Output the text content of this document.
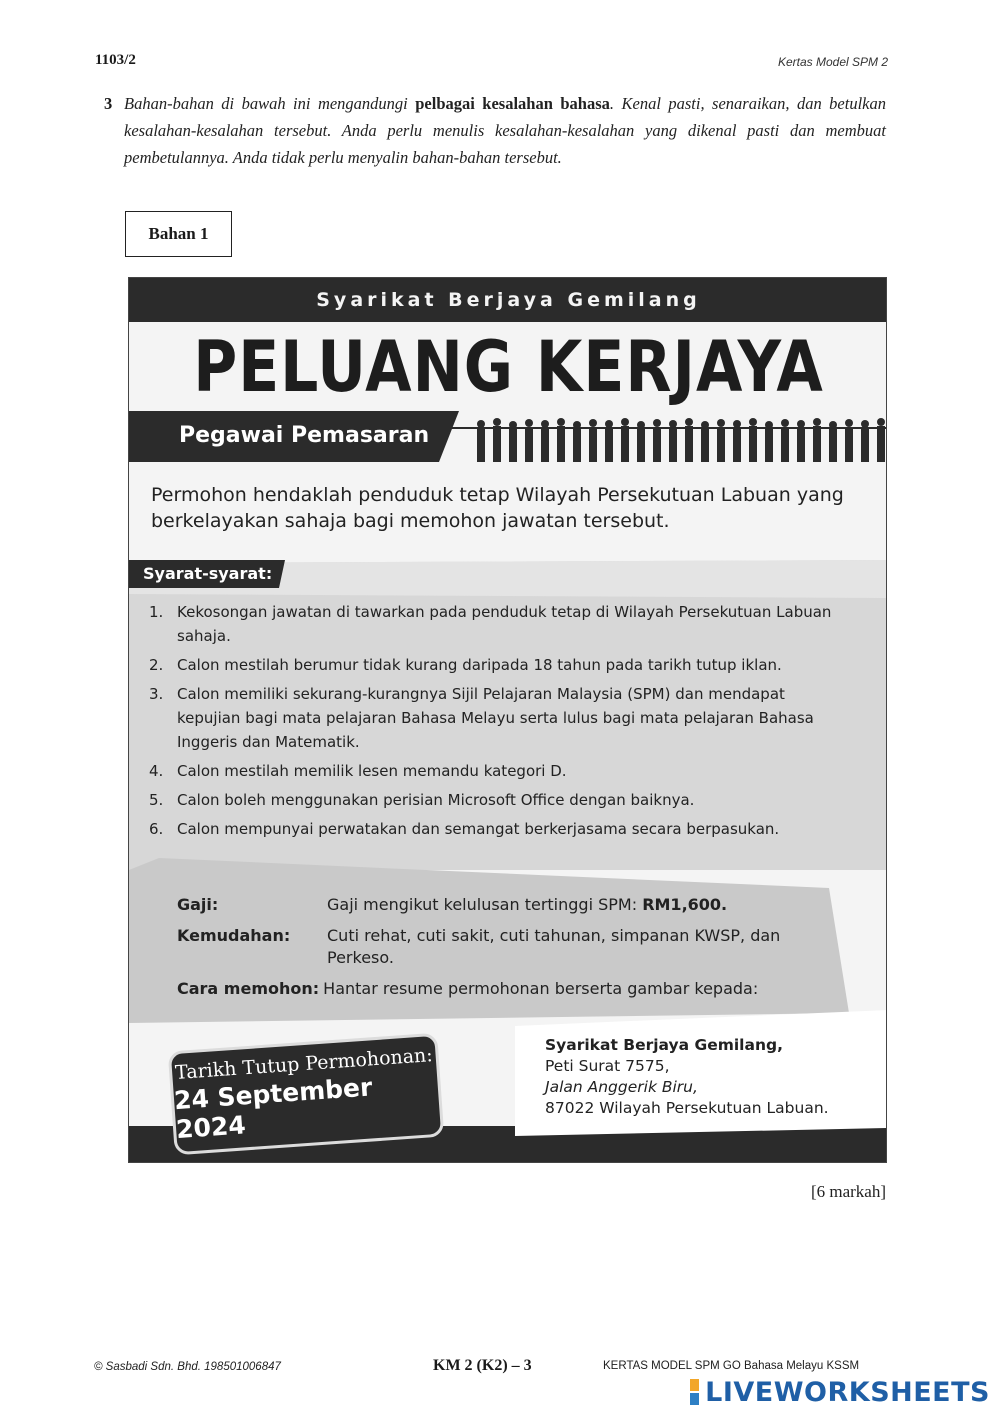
1103/2	Kertas Model SPM 2
3 Bahan-bahan di bawah ini mengandungi pelbagai kesalahan bahasa. Kenal pasti, senaraikan, dan betulkan kesalahan-kesalahan tersebut. Anda perlu menulis kesalahan-kesalahan yang dikenal pasti dan membuat pembetulannya. Anda tidak perlu menyalin bahan-bahan tersebut.

Bahan 1
Syarikat Berjaya Gemilang
PELUANG KERJAYA
Pegawai Pemasaran

Permohon hendaklah penduduk tetap Wilayah Persekutuan Labuan yang berkelayakan sahaja bagi memohon jawatan tersebut.

Syarat-syarat:
1. Kekosongan jawatan di tawarkan pada penduduk tetap di Wilayah Persekutuan Labuan sahaja.
2. Calon mestilah berumur tidak kurang daripada 18 tahun pada tarikh tutup iklan.
3. Calon memiliki sekurang-kurangnya Sijil Pelajaran Malaysia (SPM) dan mendapat kepujian bagi mata pelajaran Bahasa Melayu serta lulus bagi mata pelajaran Bahasa Inggeris dan Matematik.
4. Calon mestilah memilik lesen memandu kategori D.
5. Calon boleh menggunakan perisian Microsoft Office dengan baiknya.
6. Calon mempunyai perwatakan dan semangat berkerjasama secara berpasukan.
Gaji:	Gaji mengikut kelulusan tertinggi SPM: RM1,600.
Kemudahan:	Cuti rehat, cuti sakit, cuti tahunan, simpanan KWSP, dan Perkeso.
Cara memohon: Hantar resume permohonan berserta gambar kepada:
Tarikh Tutup Permohonan:
24 September 2024
Syarikat Berjaya Gemilang,
Peti Surat 7575,
Jalan Anggerik Biru,
87022 Wilayah Persekutuan Labuan.
[6 markah]
© Sasbadi Sdn. Bhd. 198501006847	KM 2 (K2) – 3	KERTAS MODEL SPM GO Bahasa Melayu KSSM
LIVEWORKSHEETS
